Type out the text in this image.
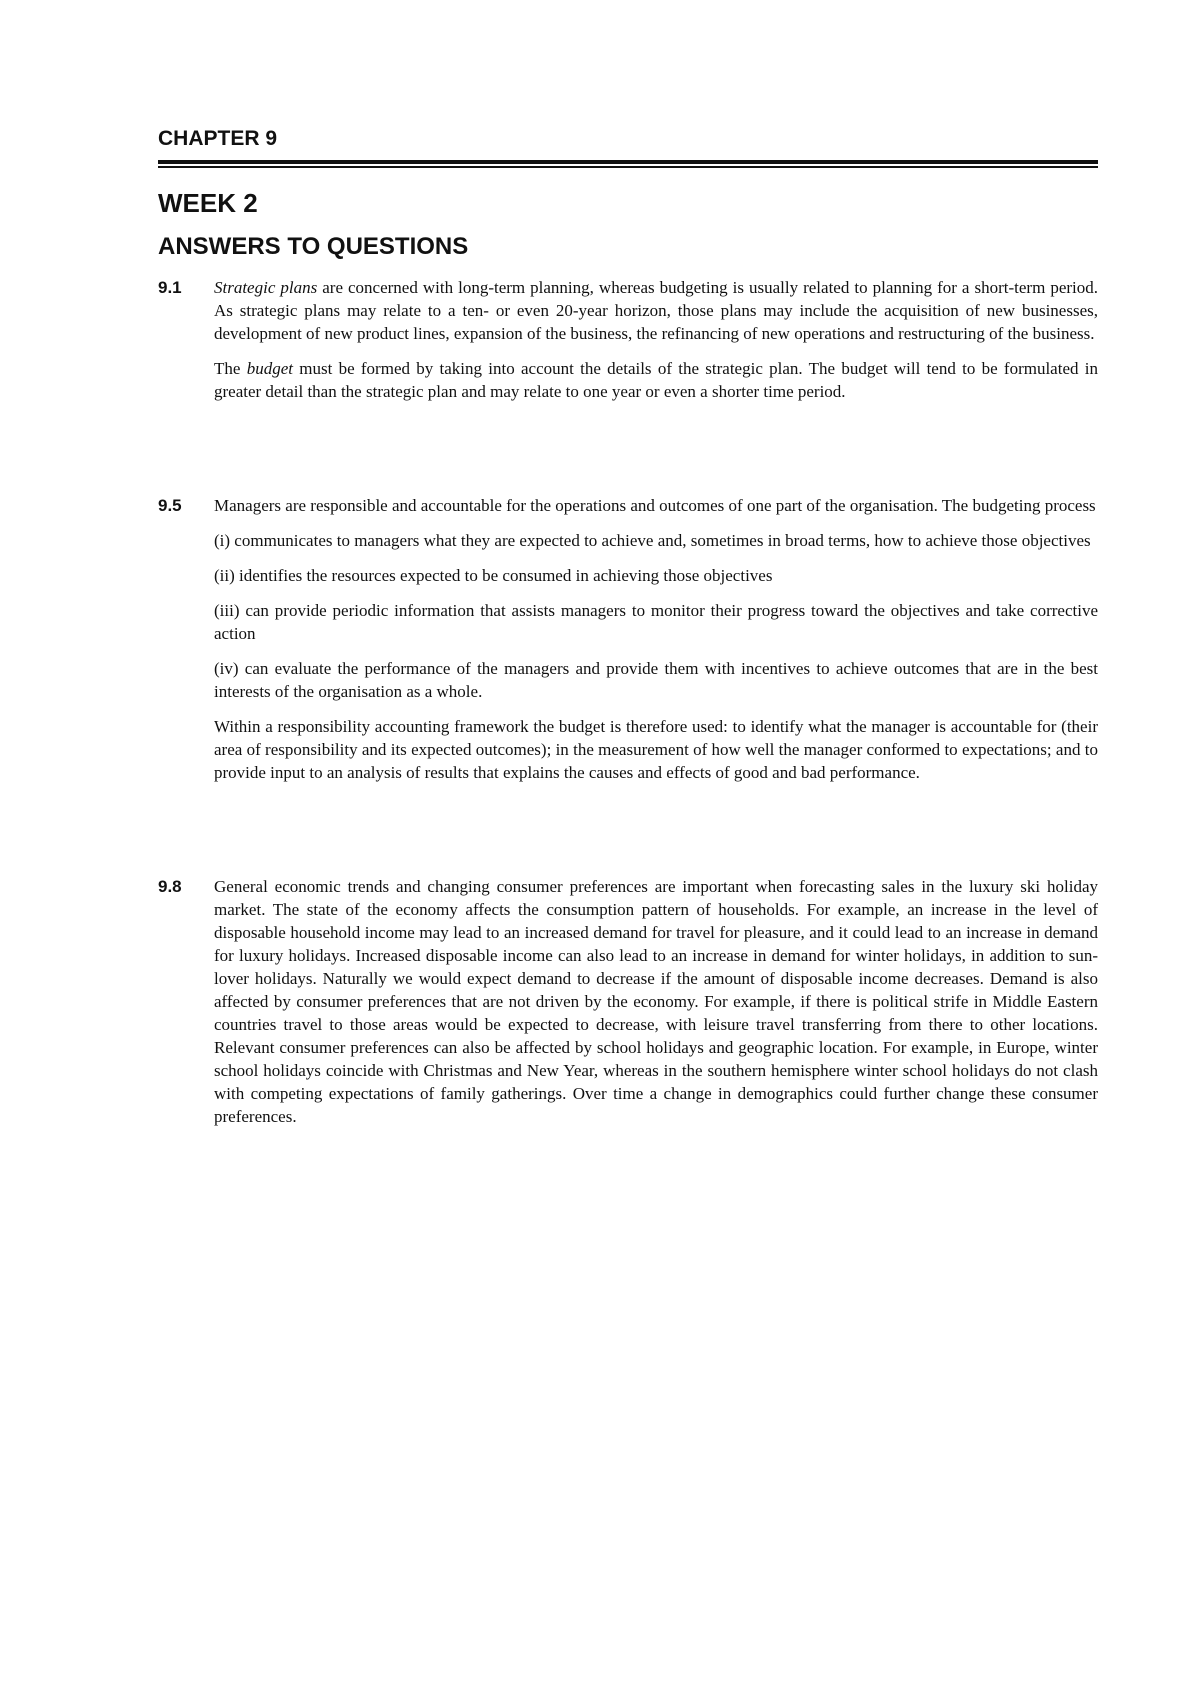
CHAPTER 9
WEEK 2
ANSWERS TO QUESTIONS
9.1 Strategic plans are concerned with long-term planning, whereas budgeting is usually related to planning for a short-term period. As strategic plans may relate to a ten- or even 20-year horizon, those plans may include the acquisition of new businesses, development of new product lines, expansion of the business, the refinancing of new operations and restructuring of the business.

The budget must be formed by taking into account the details of the strategic plan. The budget will tend to be formulated in greater detail than the strategic plan and may relate to one year or even a shorter time period.

9.5 Managers are responsible and accountable for the operations and outcomes of one part of the organisation. The budgeting process

(i) communicates to managers what they are expected to achieve and, sometimes in broad terms, how to achieve those objectives

(ii) identifies the resources expected to be consumed in achieving those objectives

(iii) can provide periodic information that assists managers to monitor their progress toward the objectives and take corrective action

(iv) can evaluate the performance of the managers and provide them with incentives to achieve outcomes that are in the best interests of the organisation as a whole.

Within a responsibility accounting framework the budget is therefore used: to identify what the manager is accountable for (their area of responsibility and its expected outcomes); in the measurement of how well the manager conformed to expectations; and to provide input to an analysis of results that explains the causes and effects of good and bad performance.

9.8 General economic trends and changing consumer preferences are important when forecasting sales in the luxury ski holiday market. The state of the economy affects the consumption pattern of households. For example, an increase in the level of disposable household income may lead to an increased demand for travel for pleasure, and it could lead to an increase in demand for luxury holidays. Increased disposable income can also lead to an increase in demand for winter holidays, in addition to sun-lover holidays. Naturally we would expect demand to decrease if the amount of disposable income decreases. Demand is also affected by consumer preferences that are not driven by the economy. For example, if there is political strife in Middle Eastern countries travel to those areas would be expected to decrease, with leisure travel transferring from there to other locations. Relevant consumer preferences can also be affected by school holidays and geographic location. For example, in Europe, winter school holidays coincide with Christmas and New Year, whereas in the southern hemisphere winter school holidays do not clash with competing expectations of family gatherings. Over time a change in demographics could further change these consumer preferences.
